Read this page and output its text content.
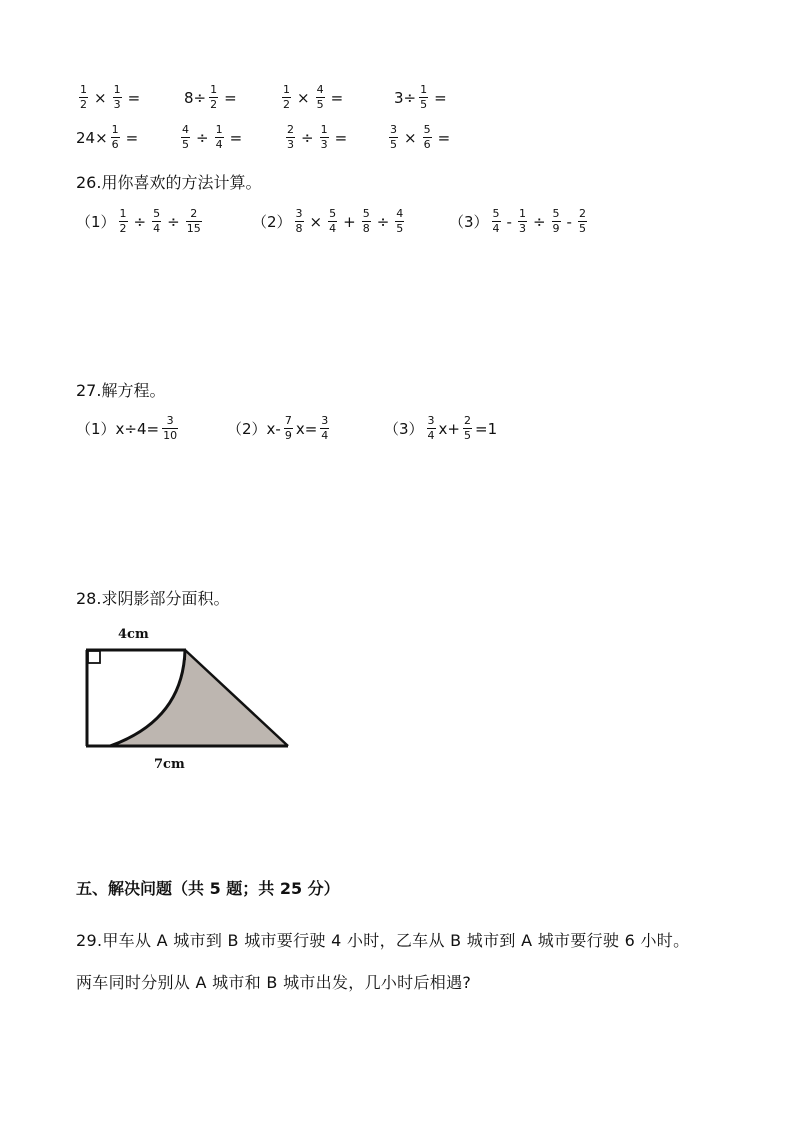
$\frac{1}{2} \times \frac{1}{3}$ =	$8\div \frac{1}{2}$ =	$\frac{1}{2} \times \frac{4}{5}$ =	$3\div \frac{1}{5}$ =
$24\times \frac{1}{6}$ =	$\frac{4}{5} \div \frac{1}{4}$ =	$\frac{2}{3} \div \frac{1}{3}$ =	$\frac{3}{5} \times \frac{5}{6}$ =
26.用你喜欢的方法计算。
$(1) \frac{1}{2} \div \frac{5}{4} \div \frac{2}{15}$	$(2) \frac{3}{8} \times \frac{5}{4} + \frac{5}{8} \div \frac{4}{5}$	$(3) \frac{5}{4} - \frac{1}{3} \div \frac{5}{9} - \frac{2}{5}$
27.解方程。
（1） $x\div 4= \frac{3}{10}$	（2） $x- \frac{7}{9} x= \frac{3}{4}$	$(3) \frac{3}{4} x+ \frac{2}{5} =1$
28.求阴影部分面积。
4cm
7cm
五、解决问题（共 5 题；共 25 分）
29.甲车从 A 城市到 B 城市要行驶 4 小时，乙车从 B 城市到 A 城市要行驶 6 小时。
两车同时分别从 A 城市和 B 城市出发，几小时后相遇?
